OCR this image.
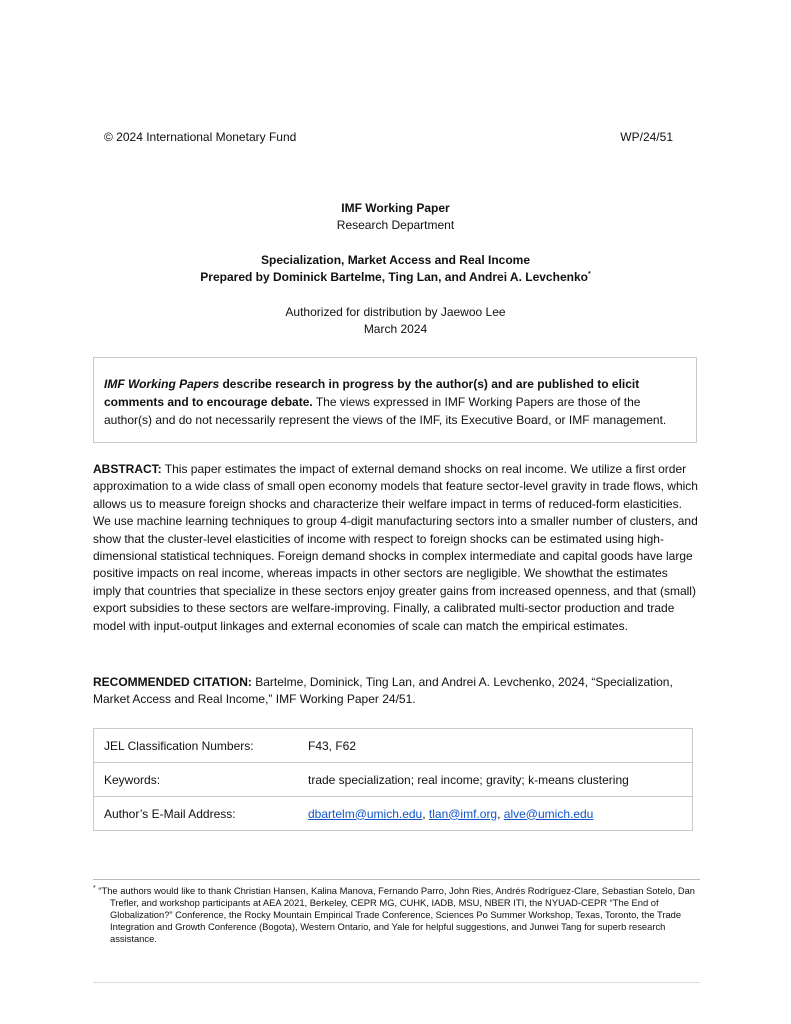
© 2024 International Monetary Fund	WP/24/51
IMF Working Paper
Research Department
Specialization, Market Access and Real Income
Prepared by Dominick Bartelme, Ting Lan, and Andrei A. Levchenko*
Authorized for distribution by Jaewoo Lee
March 2024
IMF Working Papers describe research in progress by the author(s) and are published to elicit comments and to encourage debate. The views expressed in IMF Working Papers are those of the author(s) and do not necessarily represent the views of the IMF, its Executive Board, or IMF management.
ABSTRACT: This paper estimates the impact of external demand shocks on real income. We utilize a first order approximation to a wide class of small open economy models that feature sector-level gravity in trade flows, which allows us to measure foreign shocks and characterize their welfare impact in terms of reduced-form elasticities. We use machine learning techniques to group 4-digit manufacturing sectors into a smaller number of clusters, and show that the cluster-level elasticities of income with respect to foreign shocks can be estimated using high-dimensional statistical techniques. Foreign demand shocks in complex intermediate and capital goods have large positive impacts on real income, whereas impacts in other sectors are negligible. We showthat the estimates imply that countries that specialize in these sectors enjoy greater gains from increased openness, and that (small) export subsidies to these sectors are welfare-improving. Finally, a calibrated multi-sector production and trade model with input-output linkages and external economies of scale can match the empirical estimates.
RECOMMENDED CITATION: Bartelme, Dominick, Ting Lan, and Andrei A. Levchenko, 2024, “Specialization, Market Access and Real Income,” IMF Working Paper 24/51.
JEL Classification Numbers:	F43, F62
Keywords:	trade specialization; real income; gravity; k-means clustering
Author’s E-Mail Address:	dbartelm@umich.edu, tlan@imf.org, alve@umich.edu
* “The authors would like to thank Christian Hansen, Kalina Manova, Fernando Parro, John Ries, Andrés Rodríguez-Clare, Sebastian Sotelo, Dan Trefler, and workshop participants at AEA 2021, Berkeley, CEPR MG, CUHK, IADB, MSU, NBER ITI, the NYUAD-CEPR “The End of Globalization?” Conference, the Rocky Mountain Empirical Trade Conference, Sciences Po Summer Workshop, Texas, Toronto, the Trade Integration and Growth Conference (Bogota), Western Ontario, and Yale for helpful suggestions, and Junwei Tang for superb research assistance.
